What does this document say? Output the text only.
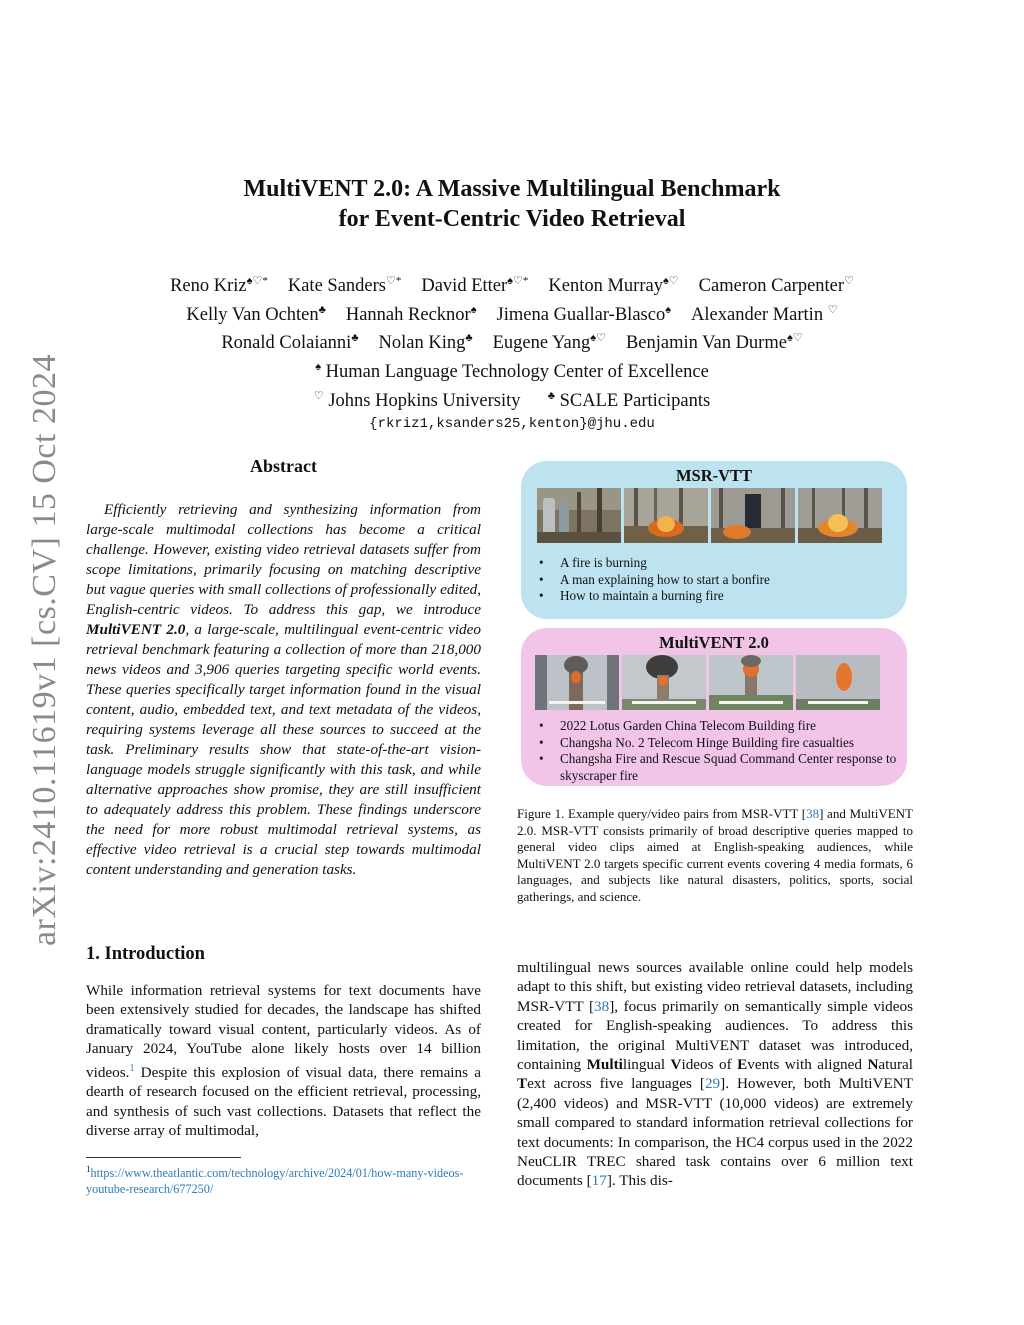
arXiv:2410.11619v1 [cs.CV] 15 Oct 2024
MultiVENT 2.0: A Massive Multilingual Benchmark
for Event-Centric Video Retrieval
Reno Kriz♠♡* Kate Sanders♡* David Etter♠♡* Kenton Murray♠♡ Cameron Carpenter♡
Kelly Van Ochten♣ Hannah Recknor♠ Jimena Guallar-Blasco♠ Alexander Martin ♡
Ronald Colaianni♣ Nolan King♣ Eugene Yang♠♡ Benjamin Van Durme♠♡
♠ Human Language Technology Center of Excellence
♡ Johns Hopkins University ♣ SCALE Participants
{rkriz1,ksanders25,kenton}@jhu.edu
Abstract

Efficiently retrieving and synthesizing information from large-scale multimodal collections has become a critical challenge. However, existing video retrieval datasets suffer from scope limitations, primarily focusing on matching descriptive but vague queries with small collections of professionally edited, English-centric videos. To address this gap, we introduce MultiVENT 2.0, a large-scale, multilingual event-centric video retrieval benchmark featuring a collection of more than 218,000 news videos and 3,906 queries targeting specific world events. These queries specifically target information found in the visual content, audio, embedded text, and text metadata of the videos, requiring systems leverage all these sources to succeed at the task. Preliminary results show that state-of-the-art vision-language models struggle significantly with this task, and while alternative approaches show promise, they are still insufficient to adequately address this problem. These findings underscore the need for more robust multimodal retrieval systems, as effective video retrieval is a crucial step towards multimodal content understanding and generation tasks.

MSR-VTT
• A fire is burning
• A man explaining how to start a bonfire
• How to maintain a burning fire
MultiVENT 2.0
• 2022 Lotus Garden China Telecom Building fire
• Changsha No. 2 Telecom Hinge Building fire casualties
• Changsha Fire and Rescue Squad Command Center response to skyscraper fire
Figure 1. Example query/video pairs from MSR-VTT [38] and MultiVENT 2.0. MSR-VTT consists primarily of broad descriptive queries mapped to general video clips aimed at English-speaking audiences, while MultiVENT 2.0 targets specific current events covering 4 media formats, 6 languages, and subjects like natural disasters, politics, sports, social gatherings, and science.
1. Introduction
While information retrieval systems for text documents have been extensively studied for decades, the landscape has shifted dramatically toward visual content, particularly videos. As of January 2024, YouTube alone likely hosts over 14 billion videos.$^1$ Despite this explosion of visual data, there remains a dearth of research focused on the efficient retrieval, processing, and synthesis of such vast collections. Datasets that reflect the diverse array of multimodal,
$^1$https://www.theatlantic.com/technology/archive/2024/01/how-many-videos-youtube-research/677250/
multilingual news sources available online could help models adapt to this shift, but existing video retrieval datasets, including MSR-VTT [38], focus primarily on semantically simple videos created for English-speaking audiences. To address this limitation, the original MultiVENT dataset was introduced, containing Multilingual Videos of Events with aligned Natural Text across five languages [29]. However, both MultiVENT (2,400 videos) and MSR-VTT (10,000 videos) are extremely small compared to standard information retrieval collections for text documents: In comparison, the HC4 corpus used in the 2022 NeuCLIR TREC shared task contains over 6 million text documents [17]. This dis-
